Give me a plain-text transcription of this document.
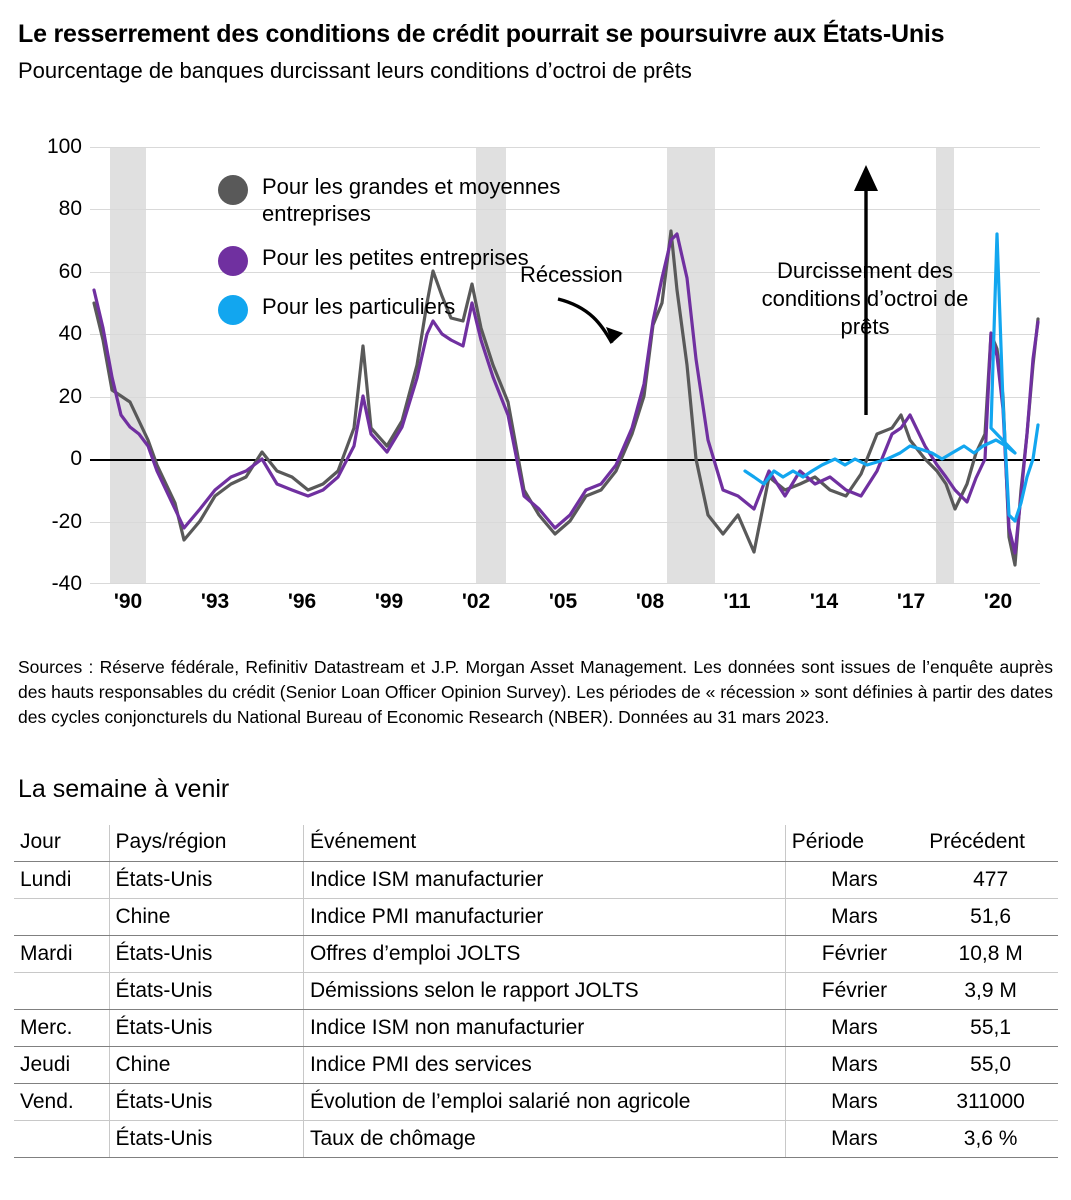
Le resserrement des conditions de crédit pourrait se poursuivre aux États-Unis
Pourcentage de banques durcissant leurs conditions d’octroi de prêts
100
80
60
40
20
0
-20
-40
Pour les grandes et moyennes entreprises
Pour les petites entreprises
Pour les particuliers
Récession	Durcissement des conditions d’octroi de prêts
'90	'93	'96	'99	'02	'05	'08	'11	'14	'17	'20
Sources : Réserve fédérale, Refinitiv Datastream et J.P. Morgan Asset Management. Les données sont issues de l’enquête auprès des hauts responsables du crédit (Senior Loan Officer Opinion Survey). Les périodes de « récession » sont définies à partir des dates des cycles conjoncturels du National Bureau of Economic Research (NBER). Données au 31 mars 2023.
La semaine à venir
Jour	Pays/région	Événement	Période	Précédent
Lundi	États-Unis	Indice ISM manufacturier	Mars	477
	Chine	Indice PMI manufacturier	Mars	51,6
Mardi	États-Unis	Offres d’emploi JOLTS	Février	10,8 M
	États-Unis	Démissions selon le rapport JOLTS	Février	3,9 M
Merc.	États-Unis	Indice ISM non manufacturier	Mars	55,1
Jeudi	Chine	Indice PMI des services	Mars	55,0
Vend.	États-Unis	Évolution de l’emploi salarié non agricole	Mars	311000
	États-Unis	Taux de chômage	Mars	3,6 %
